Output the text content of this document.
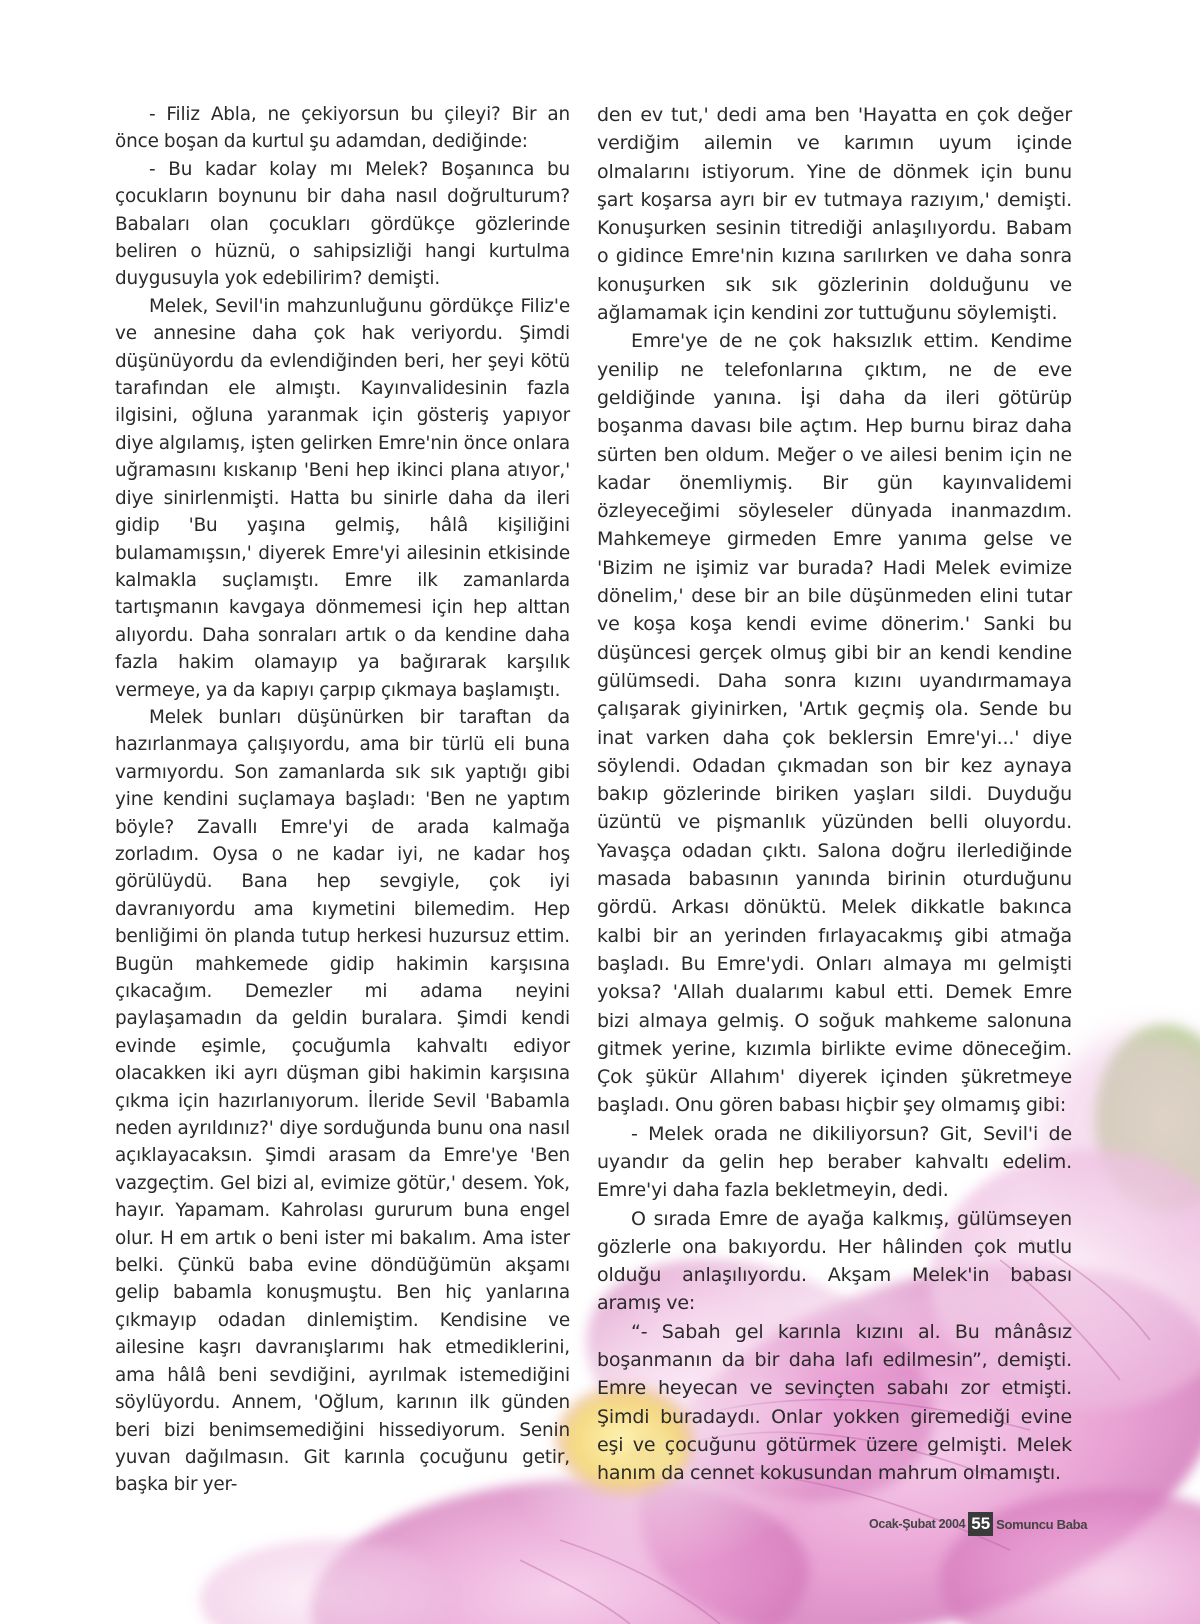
- Filiz Abla, ne çekiyorsun bu çileyi? Bir an önce boşan da kurtul şu adamdan, dediğinde:

- Bu kadar kolay mı Melek? Boşanınca bu çocukların boynunu bir daha nasıl doğrulturum? Babaları olan çocukları gördükçe gözlerinde beliren o hüznü, o sahipsizliği hangi kurtulma duygusuyla yok edebilirim? demişti.

Melek, Sevil'in mahzunluğunu gördükçe Filiz'e ve annesine daha çok hak veriyordu. Şimdi düşünüyordu da evlendiğinden beri, her şeyi kötü tarafından ele almıştı. Kayınvalidesinin fazla ilgisini, oğluna yaranmak için gösteriş yapıyor diye algılamış, işten gelirken Emre'nin önce onlara uğramasını kıskanıp 'Beni hep ikinci plana atıyor,' diye sinirlenmişti. Hatta bu sinirle daha da ileri gidip 'Bu yaşına gelmiş, hâlâ kişiliğini bulamamışsın,' diyerek Emre'yi ailesinin etkisinde kalmakla suçlamıştı. Emre ilk zamanlarda tartışmanın kavgaya dönmemesi için hep alttan alıyordu. Daha sonraları artık o da kendine daha fazla hakim olamayıp ya bağırarak karşılık vermeye, ya da kapıyı çarpıp çıkmaya başlamıştı.

Melek bunları düşünürken bir taraftan da hazırlanmaya çalışıyordu, ama bir türlü eli buna varmıyordu. Son zamanlarda sık sık yaptığı gibi yine kendini suçlamaya başladı: 'Ben ne yaptım böyle? Zavallı Emre'yi de arada kalmağa zorladım. Oysa o ne kadar iyi, ne kadar hoş görülüydü. Bana hep sevgiyle, çok iyi davranıyordu ama kıymetini bilemedim. Hep benliğimi ön planda tutup herkesi huzursuz ettim. Bugün mahkemede gidip hakimin karşısına çıkacağım. Demezler mi adama neyini paylaşamadın da geldin buralara. Şimdi kendi evinde eşimle, çocuğumla kahvaltı ediyor olacakken iki ayrı düşman gibi hakimin karşısına çıkma için hazırlanıyorum. İleride Sevil 'Babamla neden ayrıldınız?' diye sorduğunda bunu ona nasıl açıklayacaksın. Şimdi arasam da Emre'ye 'Ben vazgeçtim. Gel bizi al, evimize götür,' desem. Yok, hayır. Yapamam. Kahrolası gururum buna engel olur. H em artık o beni ister mi bakalım. Ama ister belki. Çünkü baba evine döndüğümün akşamı gelip babamla konuşmuştu. Ben hiç yanlarına çıkmayıp odadan dinlemiştim. Kendisine ve ailesine kaşrı davranışlarımı hak etmediklerini, ama hâlâ beni sevdiğini, ayrılmak istemediğini söylüyordu. Annem, 'Oğlum, karının ilk günden beri bizi benimsemediğini hissediyorum. Senin yuvan dağılmasın. Git karınla çocuğunu getir, başka bir yer-

den ev tut,' dedi ama ben 'Hayatta en çok değer verdiğim ailemin ve karımın uyum içinde olmalarını istiyorum. Yine de dönmek için bunu şart koşarsa ayrı bir ev tutmaya razıyım,' demişti. Konuşurken sesinin titrediği anlaşılıyordu. Babam o gidince Emre'nin kızına sarılırken ve daha sonra konuşurken sık sık gözlerinin dolduğunu ve ağlamamak için kendini zor tuttuğunu söylemişti.

Emre'ye de ne çok haksızlık ettim. Kendime yenilip ne telefonlarına çıktım, ne de eve geldiğinde yanına. İşi daha da ileri götürüp boşanma davası bile açtım. Hep burnu biraz daha sürten ben oldum. Meğer o ve ailesi benim için ne kadar önemliymiş. Bir gün kayınvalidemi özleyeceğimi söyleseler dünyada inanmazdım. Mahkemeye girmeden Emre yanıma gelse ve 'Bizim ne işimiz var burada? Hadi Melek evimize dönelim,' dese bir an bile düşünmeden elini tutar ve koşa koşa kendi evime dönerim.' Sanki bu düşüncesi gerçek olmuş gibi bir an kendi kendine gülümsedi. Daha sonra kızını uyandırmamaya çalışarak giyinirken, 'Artık geçmiş ola. Sende bu inat varken daha çok beklersin Emre'yi...' diye söylendi. Odadan çıkmadan son bir kez aynaya bakıp gözlerinde biriken yaşları sildi. Duyduğu üzüntü ve pişmanlık yüzünden belli oluyordu. Yavaşça odadan çıktı. Salona doğru ilerlediğinde masada babasının yanında birinin oturduğunu gördü. Arkası dönüktü. Melek dikkatle bakınca kalbi bir an yerinden fırlayacakmış gibi atmağa başladı. Bu Emre'ydi. Onları almaya mı gelmişti yoksa? 'Allah dualarımı kabul etti. Demek Emre bizi almaya gelmiş. O soğuk mahkeme salonuna gitmek yerine, kızımla birlikte evime döneceğim. Çok şükür Allahım' diyerek içinden şükretmeye başladı. Onu gören babası hiçbir şey olmamış gibi:

- Melek orada ne dikiliyorsun? Git, Sevil'i de uyandır da gelin hep beraber kahvaltı edelim. Emre'yi daha fazla bekletmeyin, dedi.

O sırada Emre de ayağa kalkmış, gülümseyen gözlerle ona bakıyordu. Her hâlinden çok mutlu olduğu anlaşılıyordu. Akşam Melek'in babası aramış ve:

“- Sabah gel karınla kızını al. Bu mânâsız boşanmanın da bir daha lafı edilmesin”, demişti. Emre heyecan ve sevinçten sabahı zor etmişti. Şimdi buradaydı. Onlar yokken giremediği evine eşi ve çocuğunu götürmek üzere gelmişti. Melek hanım da cennet kokusundan mahrum olmamıştı.

Ocak-Şubat 2004 55 Somuncu Baba
